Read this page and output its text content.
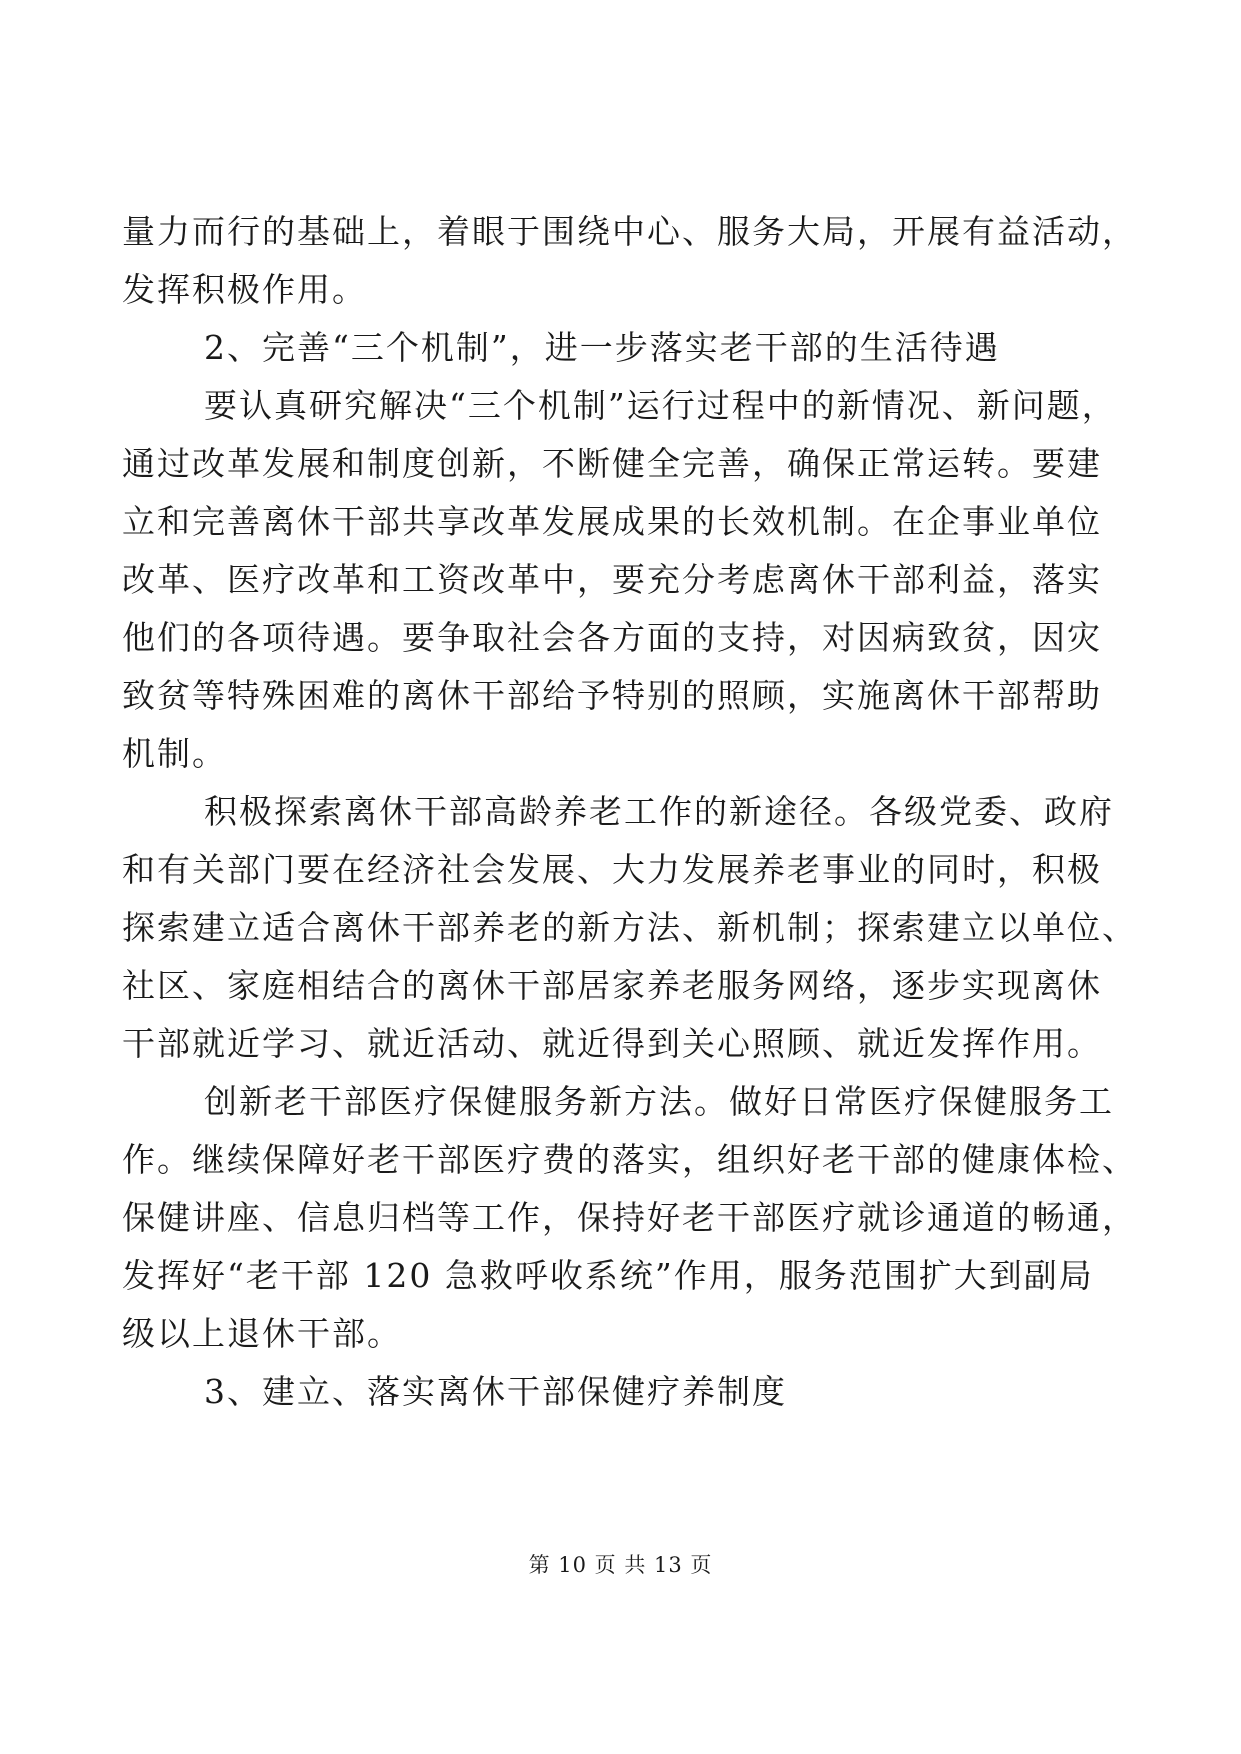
量力而行的基础上，着眼于围绕中心、服务大局，开展有益活动，
发挥积极作用。
2、完善“三个机制”，进一步落实老干部的生活待遇
要认真研究解决“三个机制”运行过程中的新情况、新问题，
通过改革发展和制度创新，不断健全完善，确保正常运转。要建
立和完善离休干部共享改革发展成果的长效机制。在企事业单位
改革、医疗改革和工资改革中，要充分考虑离休干部利益，落实
他们的各项待遇。要争取社会各方面的支持，对因病致贫，因灾
致贫等特殊困难的离休干部给予特别的照顾，实施离休干部帮助
机制。
积极探索离休干部高龄养老工作的新途径。各级党委、政府
和有关部门要在经济社会发展、大力发展养老事业的同时，积极
探索建立适合离休干部养老的新方法、新机制；探索建立以单位、
社区、家庭相结合的离休干部居家养老服务网络，逐步实现离休
干部就近学习、就近活动、就近得到关心照顾、就近发挥作用。
创新老干部医疗保健服务新方法。做好日常医疗保健服务工
作。继续保障好老干部医疗费的落实，组织好老干部的健康体检、
保健讲座、信息归档等工作，保持好老干部医疗就诊通道的畅通，
发挥好“老干部 120 急救呼收系统”作用，服务范围扩大到副局
级以上退休干部。
3、建立、落实离休干部保健疗养制度
第 10 页 共 13 页
